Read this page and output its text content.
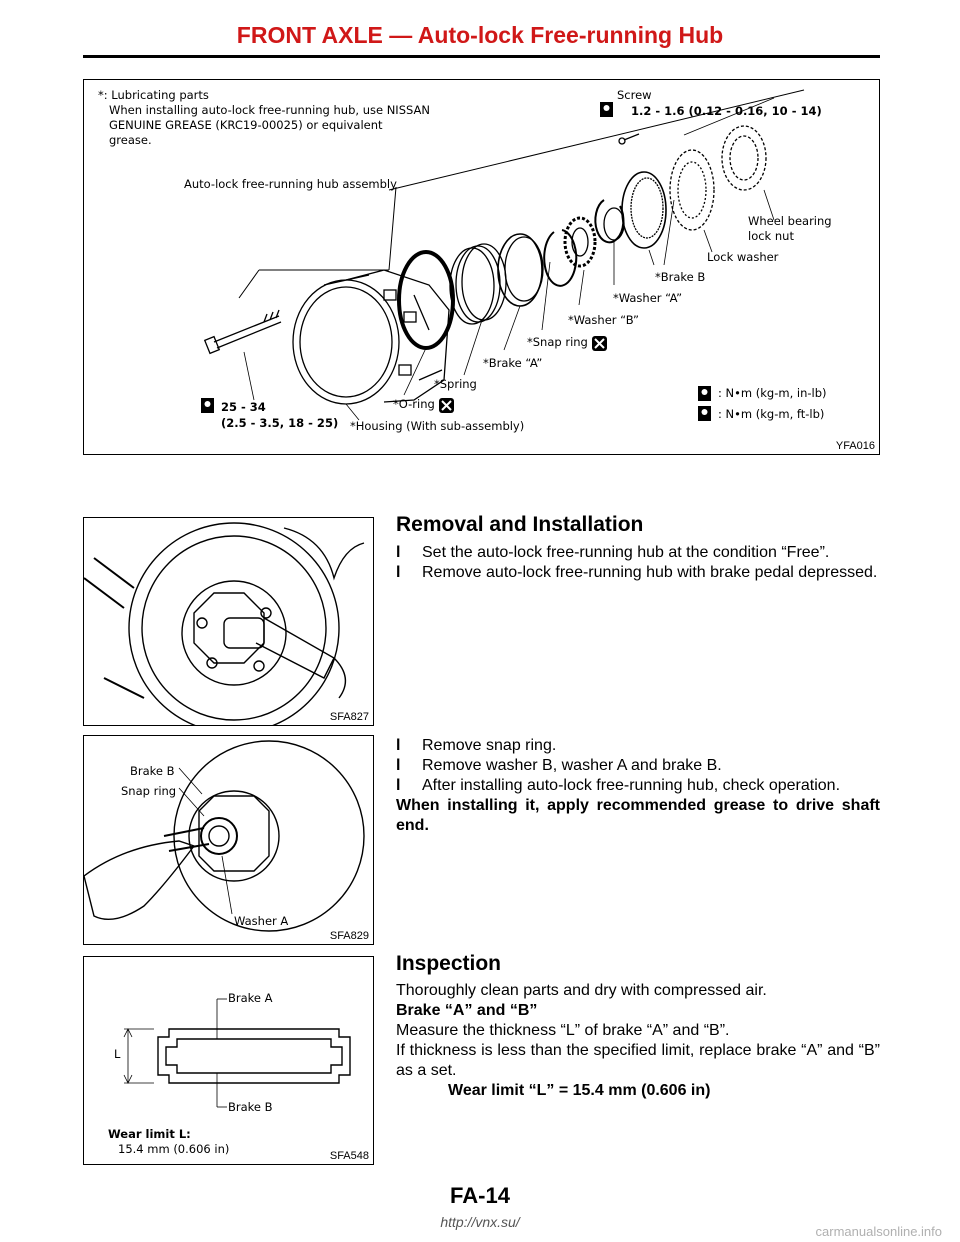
FRONT AXLE — Auto-lock Free-running Hub
*: Lubricating parts
When installing auto-lock free-running hub, use NISSAN
GENUINE GREASE (KRC19-00025) or equivalent
grease.
Screw
1.2 - 1.6 (0.12 - 0.16, 10 - 14)
Auto-lock free-running hub assembly
Wheel bearing
lock nut
Lock washer
*Brake B
*Washer “A”
*Washer “B”
*Snap ring
*Brake “A”
*Spring
*O-ring
*Housing (With sub-assembly)
25 - 34
(2.5 - 3.5, 18 - 25)
: N•m (kg-m, in-lb)
: N•m (kg-m, ft-lb)
YFA016
SFA827
Removal and Installation
l Set the auto-lock free-running hub at the condition “Free”.
l Remove auto-lock free-running hub with brake pedal depressed.
Brake B
Snap ring
Washer A
SFA829
l Remove snap ring.
l Remove washer B, washer A and brake B.
l After installing auto-lock free-running hub, check operation.
When installing it, apply recommended grease to drive shaft end.
Brake A
Brake B
L
Wear limit L:
15.4 mm (0.606 in)	SFA548
Inspection
Thoroughly clean parts and dry with compressed air.
Brake “A” and “B”
Measure the thickness “L” of brake “A” and “B”.
If thickness is less than the specified limit, replace brake “A” and “B” as a set.
Wear limit “L” = 15.4 mm (0.606 in)
FA-14
http://vnx.su/
carmanualsonline.info
